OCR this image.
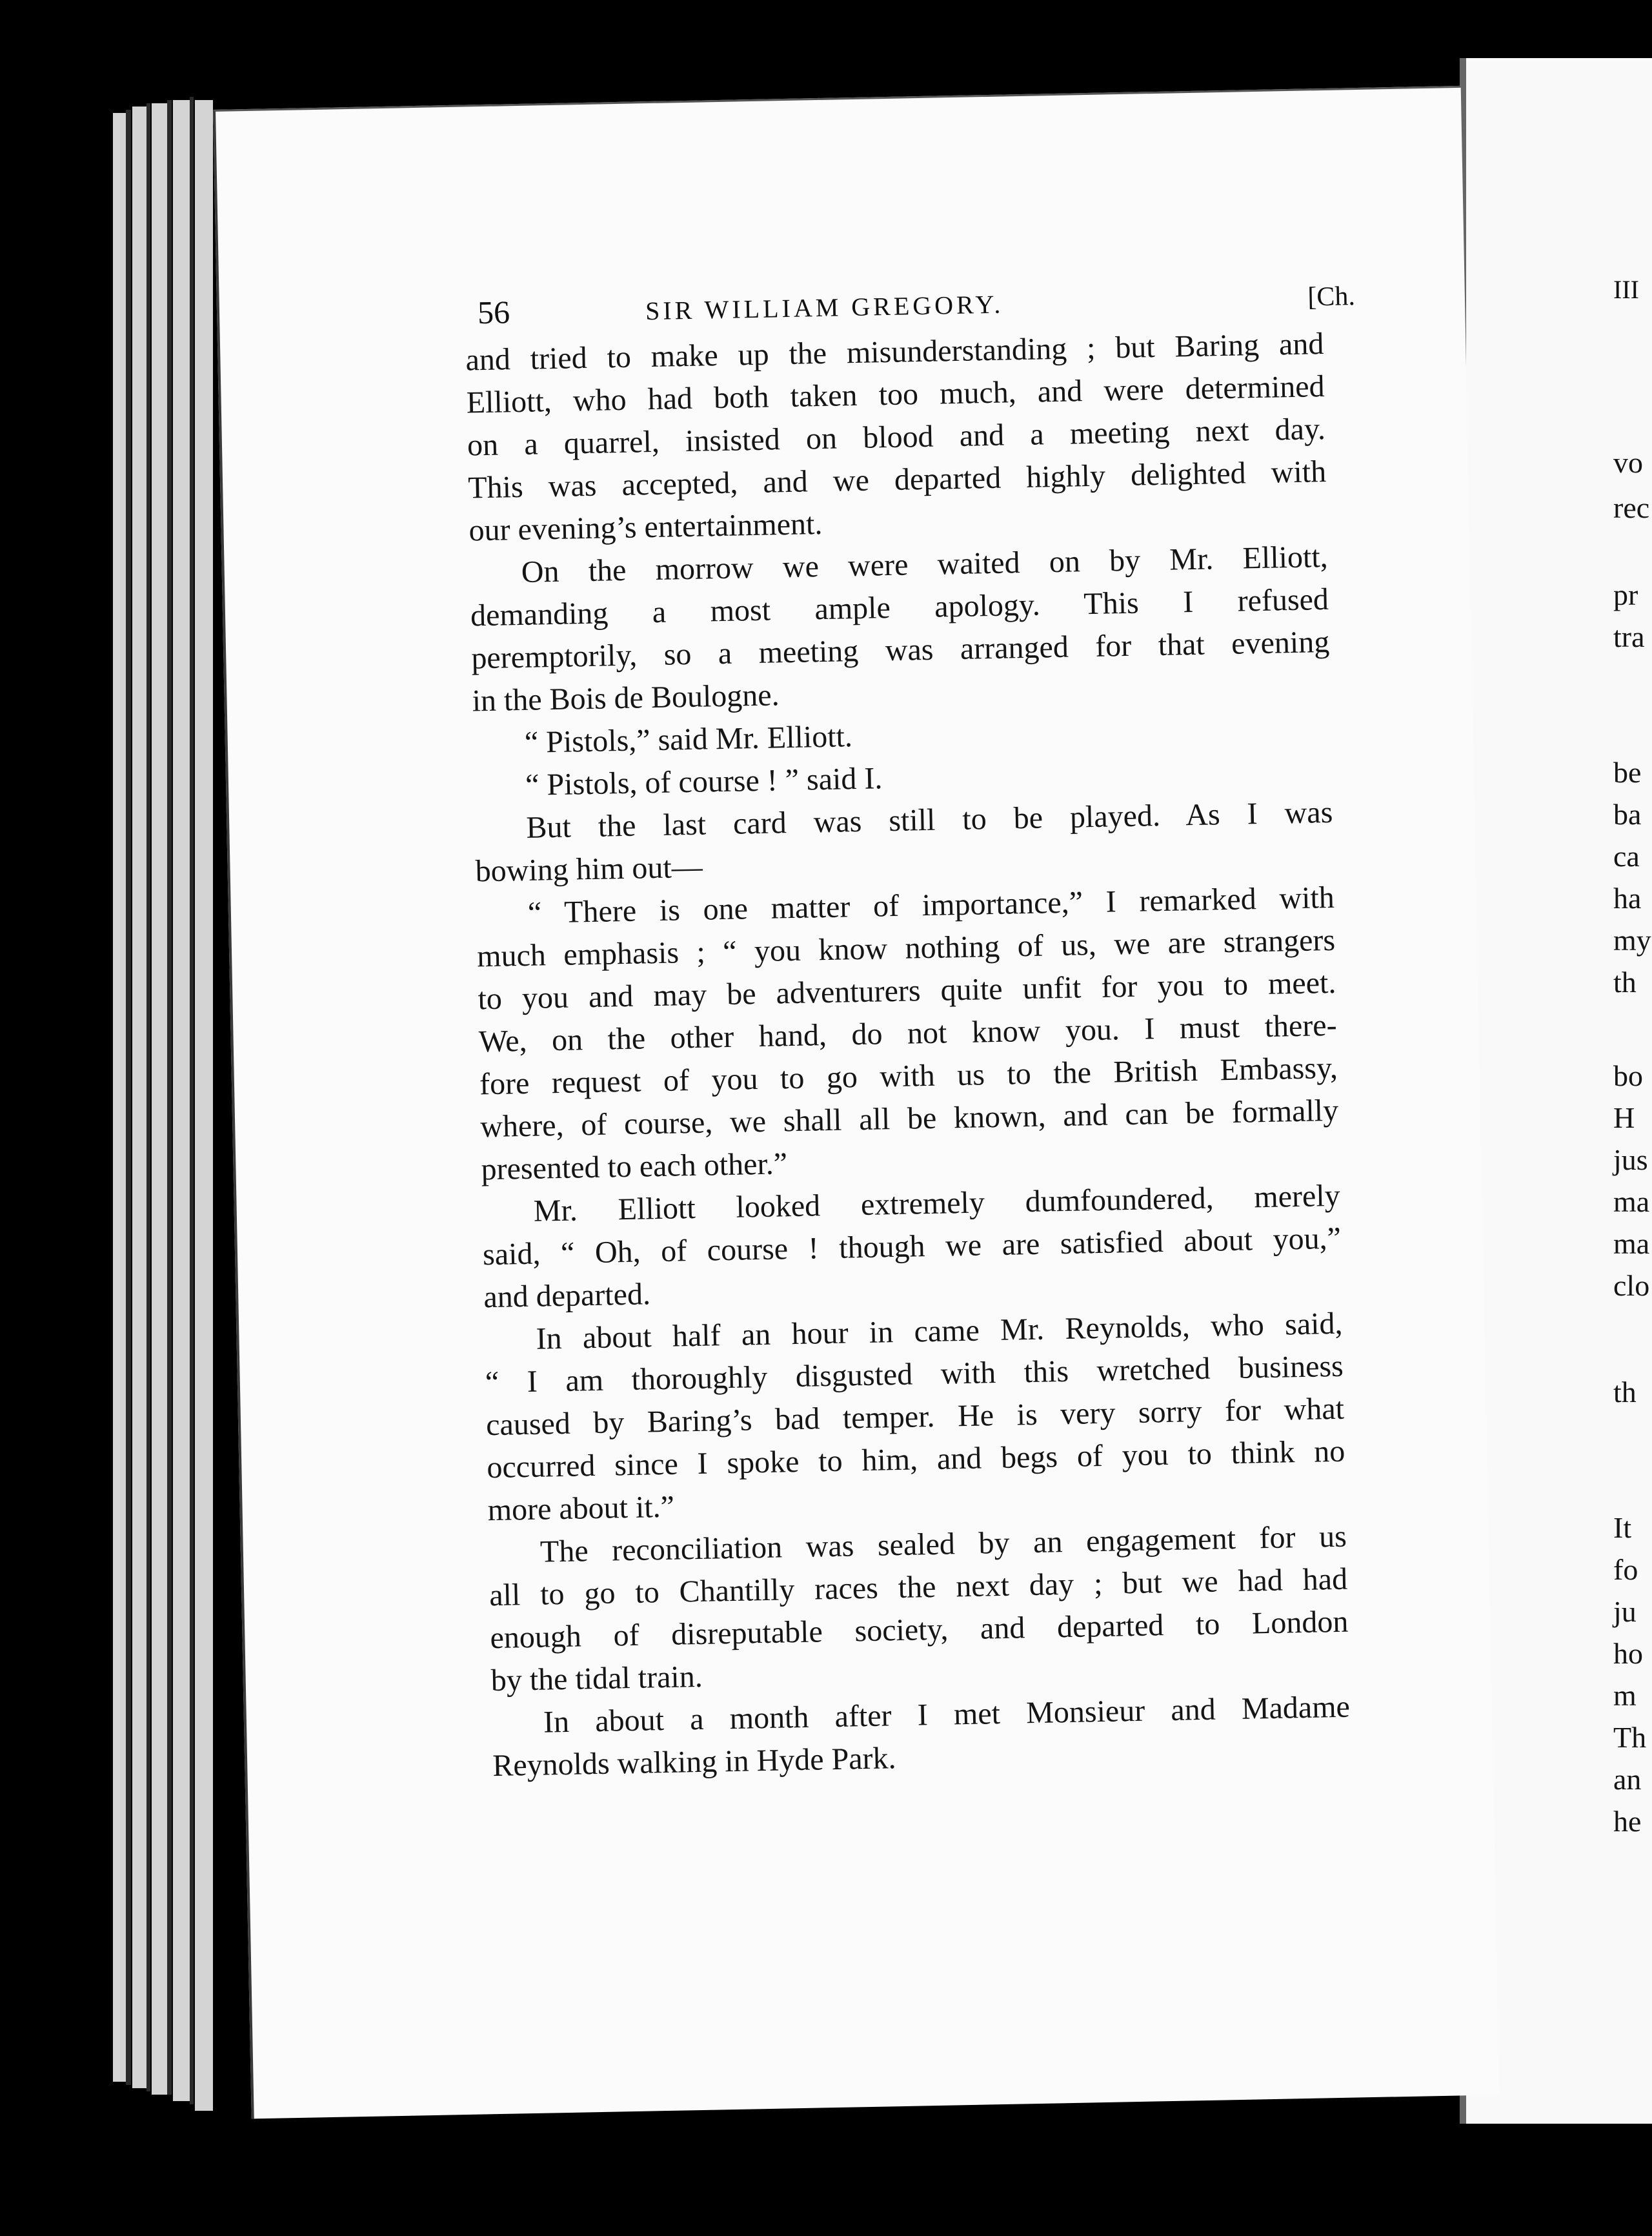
III
vo
rec
pr
tra
be
ba
ca
ha
my
th
bo
H
jus
ma
ma
clo
th
It
fo
ju
ho
m
Th
an
he
56	SIR WILLIAM GREGORY.	[Ch.
and tried to make up the misunderstanding ; but Baring and
Elliott, who had both taken too much, and were determined
on a quarrel, insisted on blood and a meeting next day.
This was accepted, and we departed highly delighted with
our evening’s entertainment.
On the morrow we were waited on by Mr. Elliott,
demanding a most ample apology. This I refused
peremptorily, so a meeting was arranged for that evening
in the Bois de Boulogne.
“ Pistols,” said Mr. Elliott.
“ Pistols, of course ! ” said I.
But the last card was still to be played. As I was
bowing him out—
“ There is one matter of importance,” I remarked with
much emphasis ; “ you know nothing of us, we are strangers
to you and may be adventurers quite unfit for you to meet.
We, on the other hand, do not know you. I must there-
fore request of you to go with us to the British Embassy,
where, of course, we shall all be known, and can be formally
presented to each other.”
Mr. Elliott looked extremely dumfoundered, merely
said, “ Oh, of course ! though we are satisfied about you,”
and departed.
In about half an hour in came Mr. Reynolds, who said,
“ I am thoroughly disgusted with this wretched business
caused by Baring’s bad temper. He is very sorry for what
occurred since I spoke to him, and begs of you to think no
more about it.”
The reconciliation was sealed by an engagement for us
all to go to Chantilly races the next day ; but we had had
enough of disreputable society, and departed to London
by the tidal train.
In about a month after I met Monsieur and Madame
Reynolds walking in Hyde Park.
